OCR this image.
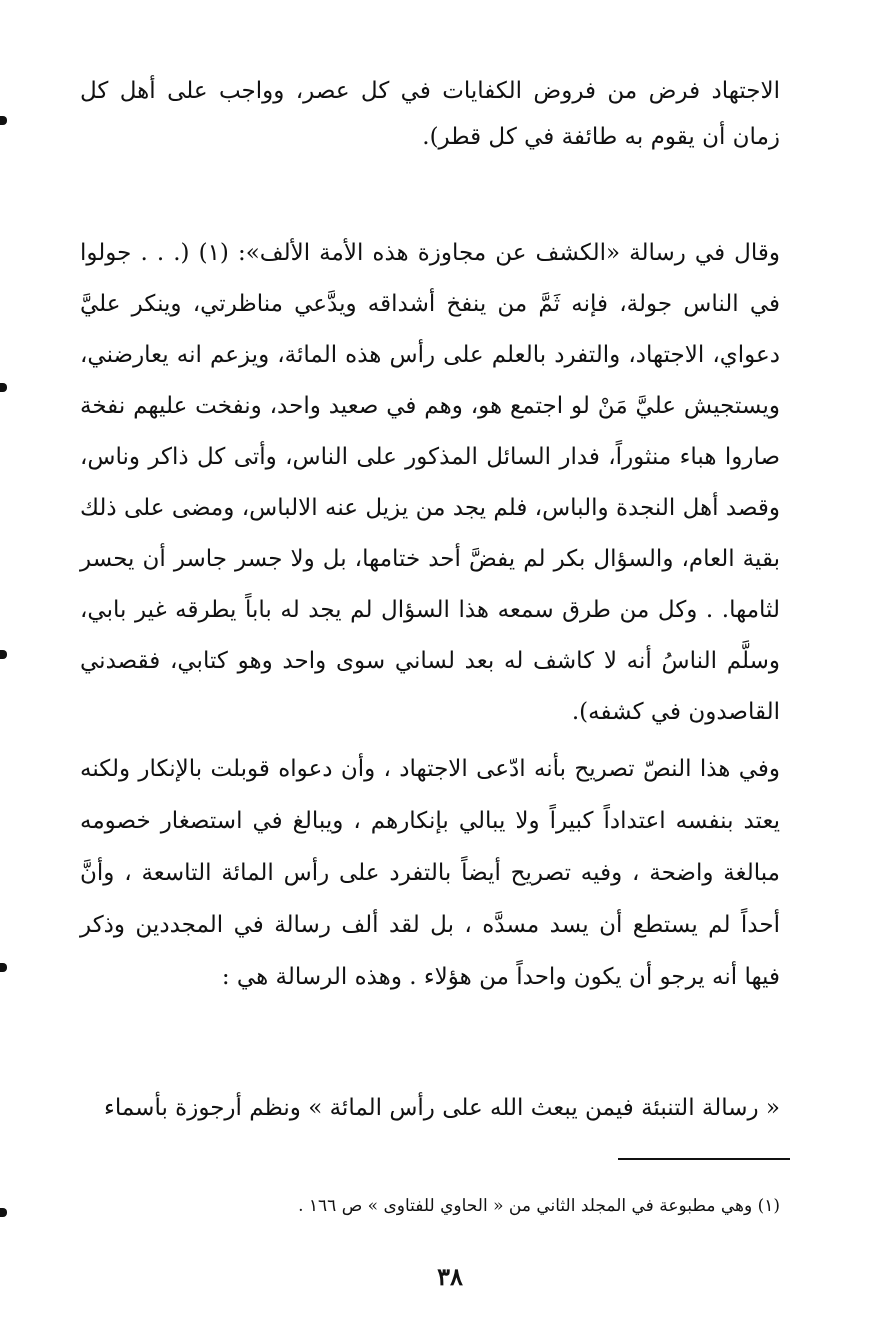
الاجتهاد فرض من فروض الكفايات في كل عصر، وواجب على أهل كل زمان أن يقوم به طائفة في كل قطر).

وقال في رسالة «الكشف عن مجاوزة هذه الأمة الألف»: (١) (. . . جولوا في الناس جولة، فإنه ثَمَّ من ينفخ أشداقه ويدَّعي مناظرتي، وينكر عليَّ دعواي، الاجتهاد، والتفرد بالعلم على رأس هذه المائة، ويزعم انه يعارضني، ويستجيش عليَّ مَنْ لو اجتمع هو، وهم في صعيد واحد، ونفخت عليهم نفخة صاروا هباء منثوراً، فدار السائل المذكور على الناس، وأتى كل ذاكر وناس، وقصد أهل النجدة والباس، فلم يجد من يزيل عنه الالباس، ومضى على ذلك بقية العام، والسؤال بكر لم يفضَّ أحد ختامها، بل ولا جسر جاسر أن يحسر لثامها. . وكل من طرق سمعه هذا السؤال لم يجد له باباً يطرقه غير بابي، وسلَّم الناسُ أنه لا كاشف له بعد لساني سوى واحد وهو كتابي، فقصدني القاصدون في كشفه).

وفي هذا النصّ تصريح بأنه ادّعى الاجتهاد ، وأن دعواه قوبلت بالإنكار ولكنه يعتد بنفسه اعتداداً كبيراً ولا يبالي بإنكارهم ، ويبالغ في استصغار خصومه مبالغة واضحة ، وفيه تصريح أيضاً بالتفرد على رأس المائة التاسعة ، وأنَّ أحداً لم يستطع أن يسد مسدَّه ، بل لقد ألف رسالة في المجددين وذكر فيها أنه يرجو أن يكون واحداً من هؤلاء . وهذه الرسالة هي :

« رسالة التنبئة فيمن يبعث الله على رأس المائة » ونظم أرجوزة بأسماء

(١) وهي مطبوعة في المجلد الثاني من « الحاوي للفتاوى » ص ١٦٦ .

٣٨
